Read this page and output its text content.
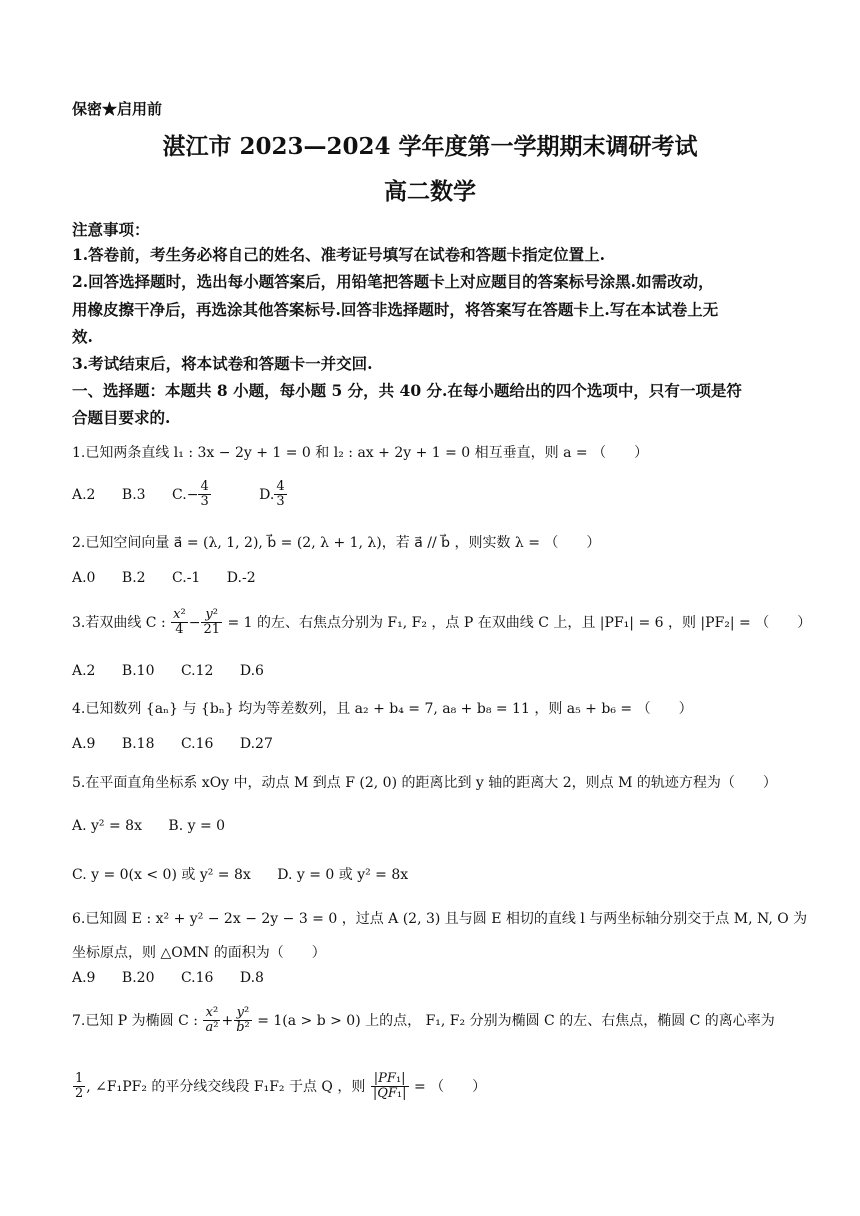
保密★启用前
湛江市 2023—2024 学年度第一学期期末调研考试
高二数学
注意事项：
1.答卷前，考生务必将自己的姓名、准考证号填写在试卷和答题卡指定位置上.
2.回答选择题时，选出每小题答案后，用铅笔把答题卡上对应题目的答案标号涂黑.如需改动，
用橡皮擦干净后，再选涂其他答案标号.回答非选择题时，将答案写在答题卡上.写在本试卷上无
效.
3.考试结束后，将本试卷和答题卡一并交回.
一、选择题：本题共 8 小题，每小题 5 分，共 40 分.在每小题给出的四个选项中，只有一项是符
合题目要求的.
1.已知两条直线 l₁ : 3x − 2y + 1 = 0 和 l₂ : ax + 2y + 1 = 0 相互垂直，则 a = （　　）
A.2 B.3 $C.- \frac{4}{3} D$. $\frac{4}{3}$
2.已知空间向量 a⃗ = (λ, 1, 2), b⃗ = (2, λ + 1, λ)，若 a⃗ // b⃗ ，则实数 λ = （　　）
A.0 B.2 C.-1 D.-2
3.若双曲线 C : $\frac{\text{x²}}{4} - \frac{\text{y²}}{21} = 1$ 的左、右焦点分别为 F₁, F₂ ，点 P 在双曲线 C 上，且 |PF₁| = 6 ，则 |PF₂| = （　　）
A.2 B.10 C.12 D.6
4.已知数列 {aₙ} 与 {bₙ} 均为等差数列，且 a₂ + b₄ = 7, a₈ + b₈ = 11 ，则 a₅ + b₆ = （　　）
A.9 B.18 C.16 D.27
5.在平面直角坐标系 xOy 中，动点 M 到点 F (2, 0) 的距离比到 y 轴的距离大 2，则点 M 的轨迹方程为（　　）
A. y² = 8x B. y = 0
C. y = 0(x < 0) 或 y² = 8x D. y = 0 或 y² = 8x
6.已知圆 E : x² + y² − 2x − 2y − 3 = 0 ，过点 A (2, 3) 且与圆 E 相切的直线 l 与两坐标轴分别交于点 M, N, O 为
坐标原点，则 △OMN 的面积为（　　）
A.9 B.20 C.16 D.8
7.已知 P 为椭圆 C : $\frac{\text{x²}}{\text{a²}} + \frac{\text{y²}}{\text{b²}} = 1(a > b > 0)$ 上的点， F₁, F₂ 分别为椭圆 C 的左、右焦点，椭圆 C 的离心率为
$\frac{1}{2}$ , ∠F₁PF₂ 的平分线交线段 F₁F₂ 于点 Q ，则 $\frac{\text{|PF₁|}}{\text{|QF₁|}}$ = （　　）
